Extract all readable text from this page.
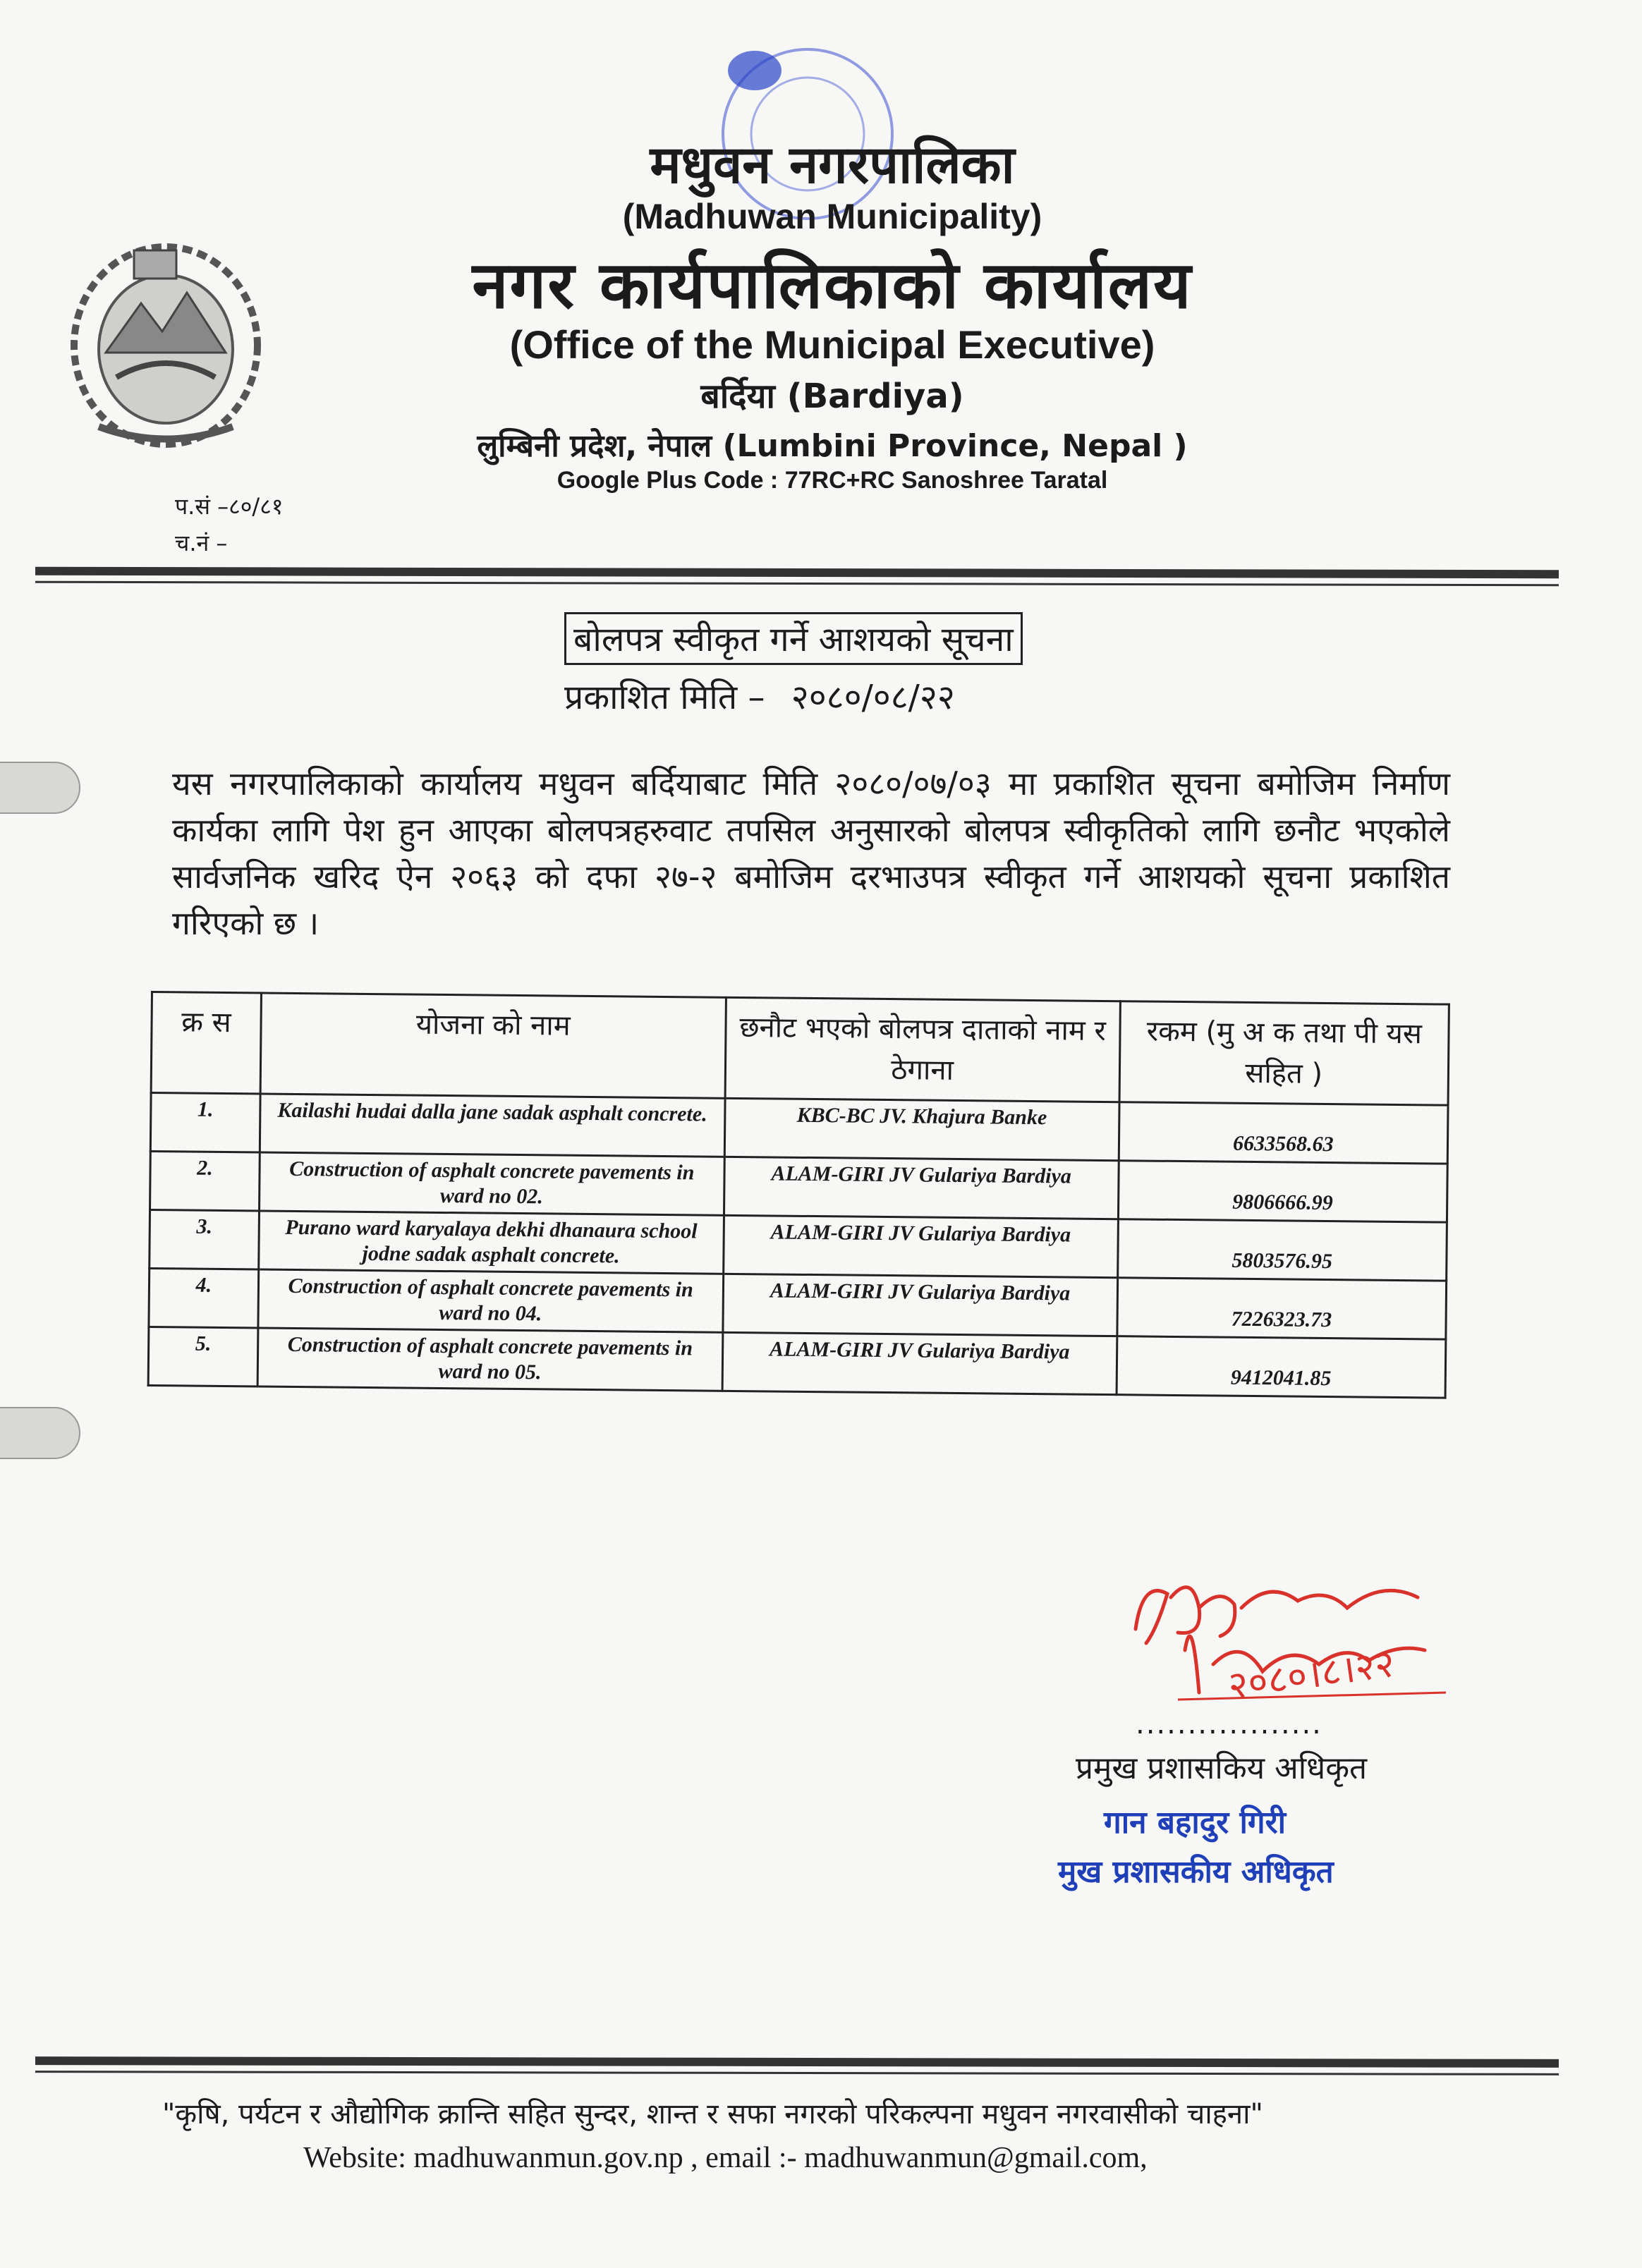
मधुवन नगरपालिका
(Madhuwan Municipality)
नगर कार्यपालिकाको कार्यालय
(Office of the Municipal Executive)
बर्दिया (Bardiya)
लुम्बिनी प्रदेश, नेपाल (Lumbini Province, Nepal )
Google Plus Code : 77RC+RC Sanoshree Taratal
प.सं –८०/८१
च.नं –
बोलपत्र स्वीकृत गर्ने आशयको सूचना
प्रकाशित मिति – २०८०/०८/२२
यस नगरपालिकाको कार्यालय मधुवन बर्दियाबाट मिति २०८०/०७/०३ मा प्रकाशित सूचना बमोजिम निर्माण कार्यका लागि पेश हुन आएका बोलपत्रहरुवाट तपसिल अनुसारको बोलपत्र स्वीकृतिको लागि छनौट भएकोले सार्वजनिक खरिद ऐन २०६३ को दफा २७-२ बमोजिम दरभाउपत्र स्वीकृत गर्ने आशयको सूचना प्रकाशित गरिएको छ ।
क्र स	योजना को नाम	छनौट भएको बोलपत्र दाताको नाम र ठेगाना	रकम (मु अ क तथा पी यस सहित )
1.	Kailashi hudai dalla jane sadak asphalt concrete.	KBC-BC JV. Khajura Banke	6633568.63
2.	Construction of asphalt concrete pavements in ward no 02.	ALAM-GIRI JV Gulariya Bardiya	9806666.99
3.	Purano ward karyalaya dekhi dhanaura school jodne sadak asphalt concrete.	ALAM-GIRI JV Gulariya Bardiya	5803576.95
4.	Construction of asphalt concrete pavements in ward no 04.	ALAM-GIRI JV Gulariya Bardiya	7226323.73
5.	Construction of asphalt concrete pavements in ward no 05.	ALAM-GIRI JV Gulariya Bardiya	9412041.85
२०८०।८।२२
..................
प्रमुख प्रशासकिय अधिकृत
गान बहादुर गिरी
मुख प्रशासकीय अधिकृत
"कृषि, पर्यटन र औद्योगिक क्रान्ति सहित सुन्दर, शान्त र सफा नगरको परिकल्पना मधुवन नगरवासीको चाहना"
Website: madhuwanmun.gov.np , email :- madhuwanmun@gmail.com,
